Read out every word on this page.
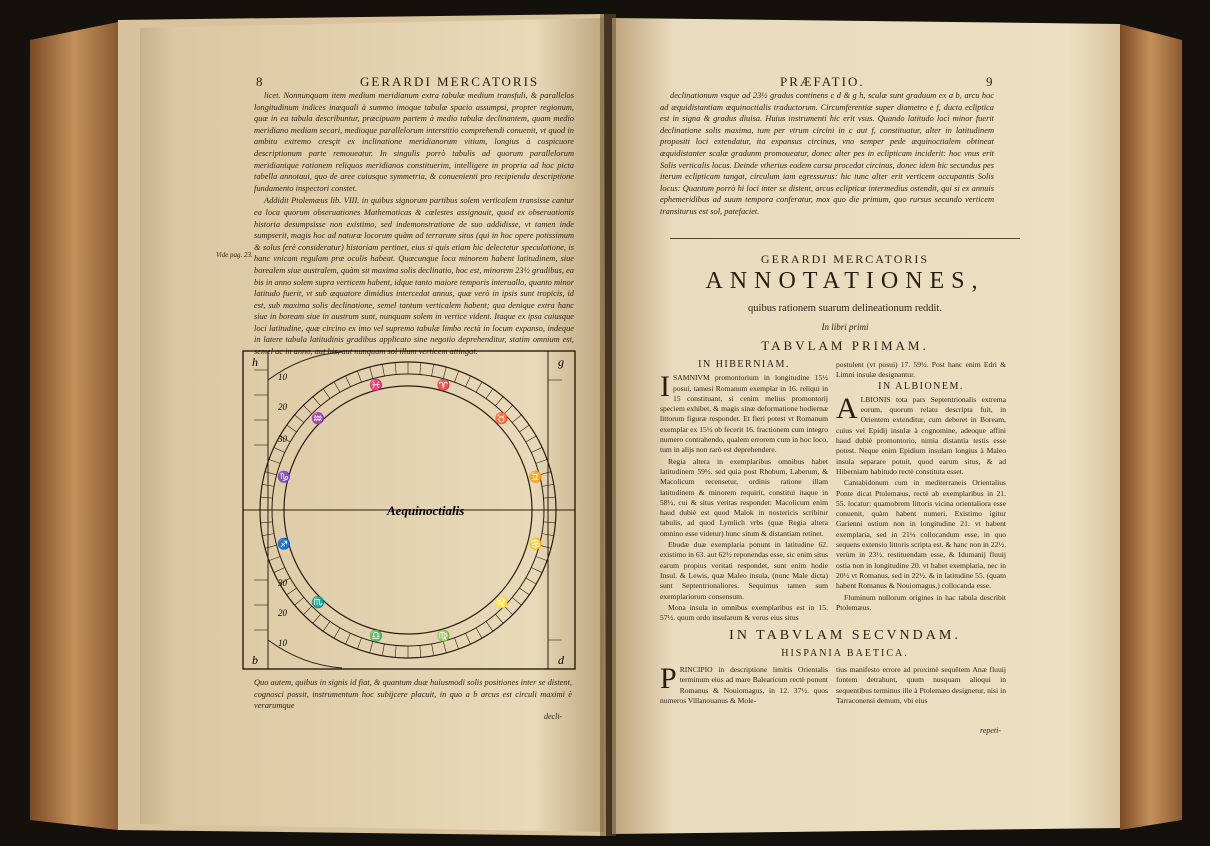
8	GERARDI MERCATORIS

licet. Nonnunquam item medium meridianum extra tabulæ medium transfuli, & parallelos longitudinum indices inæquali à summo imoque tabulæ spacio assumpsi, propter regionum, quæ in ea tabula describuntur, præcipuam partem à medio tabulæ declinantem, quam medio meridiano mediam secari, medioque parallelorum interstitio comprehendi conuenit, vt quod in ambitu extremo cresçit ex inclinatione meridianorum vitium, longius à cospicuore descriptionum parte remoueatur. In singulis porrò tabulis ad quorum parallelorum meridianique rationem reliquos meridianos constituerim, intelligere in propria ad hoc picta tabella annotaui, quo de aree cuiusque symmetria, & conuenienti pro recipienda descriptione fundamento inspectori constet.

Addidit Ptolemæus lib. VIII. in quibus signorum partibus solem verticalem transisse cantur ea loca quorum obseruationes Mathematicas & cœlestes assignauit, quod ex obseruationis historia desumpsisse non existimo, sed indemonstratione de suo addidisse, vt tamen inde sumpserit, magis hoc ad naturæ locorum quàm ad terrarum situs (qui in hoc opere potissimum & solus ferè consideratur) historiam pertinet, eius si quis etiam hic delectetur speculatione, is hanc vnicam regulam præ oculis habeat. Quæcunque loca minorem habent latitudinem, siue borealem siue australem, quàm sit maxima solis declinatio, hoc est, minorem 23½ gradibus, ea bis in anno solem supra verticem habent, idque tanto maiore temporis interuallo, quanto minor latitudo fuerit, vt sub æquatore dimidius intercedat annus, quæ verò in ipsis sunt tropicis, id est, sub maxima solis declinatione, semel tantum verticalem habent; qua denique extra hanc siue in boream siue in austrum sunt, nunquam solem in vertice vident. Itaque ex ipsa cuiusque loci latitudine, quæ circino ex imo vel supremo tabulæ limbo rectà in locum expanso, indeque in latere tabula latitudinis gradibus applicato sine negotio deprehenditur, statim omnium est, semel ac in anno, aut bis, aut nunquam sol illum verticem attingat.

Vide pag. 23.
♈
♉
♊
♋
♌
♍
♎
♏
♐
♑
♒
♓
10
20
30
30
20
10
h	g
b	d
Aequinoctialis
Quo autem, quibus in signis id fiat, & quantum duæ huiusmodi solis positiones inter se distent, cognosci possit, instrumentum hoc subijcere placuit, in quo a b arcus est circuli maximi è verarumque
decli-
PRÆFATIO.	9

declinationum vsque ad 23½ gradus continens c d & g h, sculæ sunt graduum ex a b, arcu hoc ad æquidistantiam æquinoctialis traductorum. Circumferentiæ super diametro e f, ducta ecliptica est in signa & gradus diuisa. Huius instrumenti hic erit vsus. Quando latitudo loci minor fuerit declinatione solis maxima, tum per vtrum circini in c aut f, constituatur, alter in latitudinem propositi loci extendatur, ita expansus circinus, vno semper pede æquinoctialem obtineat æquidistanter scalæ gradunm promoueatur, donec alter pes in eclipticam inciderit: hoc vnus erit Solis verticalis locus. Deinde vtherius eodem cursu procedat circinus, donec idem hic secundus pes iterum eclipticam tangat, circulum iam egressurus: hic tunc alter erit verticem occupantis Solis locus: Quantum porrò hi loci inter se distent, arcus eclipticæ intermedius ostendit, qui si ex annuis ephemeridibus ad suum tempora conferatur, mox quo die primum, quo rursus secundo verticem transiturus est sol, patefaciet.

GERARDI MERCATORIS
ANNOTATIONES,
quibus rationem suarum delineationum reddit.
In libri primi
TABVLAM PRIMAM.
IN HIBERNIAM.
I SAMNIVM promontorium in longitudine 15½ posui, tamesi Romanum exemplar in 16. reliqui in 15 constituant, si cenim melius promontorij speciem exhibet, & magis sinæ deformatione hodiernæ littorum figuræ respondet. Et fieri potest vt Romanum exemplar ex 15½ ob fecerit 16. fractionem cum integro numero contrahendo, qualem errorem cum in hoc loco, tum in alijs non rarò est deprehendere.

Regia altera in exemplaribus omnibus habet latitudinem 59½. sed quia post Rhobum, Laberum, & Macolicum recensetur, ordinis ratione illam latitudinem & minorem requirit, constitui itaque in 58½, cui & situs veritas respondet: Macolicum enim haud dubiè est quod Malok in nostericis scribitur tabulis, ad quod Lymlich vrbs (quæ Regia altera omnino esse videtur) hunc situm & distantiam retinet.

Ebudæ duæ exemplaria ponunt in latitudine 62. existimo in 63. aut 62½ reponendas esse, sic enim situs earum propius veritati respondet, sunt enim hodie Insul. & Lewis, quæ Maleo insula, (nunc Male dicta) sunt Septentrionaliores. Sequimus tamen sum exemplariorum consensum.

Mona insula in omnibus exemplaribus est in 15. 57½. quum ordo insularum & verus eius situs

postulent (vt posui) 17. 59½. Post hanc enim Edri & Limni insulæ designantur.

IN ALBIONEM.
A LBIONIS tota pars Septentrionalis extrema eorum, quorum relatu descripta fuit, in Orientem extenditur, cum deberet in Boream, cuius vel Epidij insulæ à cognomine, adeoque affini haud dubiè promontorio, nimia distantia testis esse potest. Neque enim Epidium insulam longius à Maleo insula separare potuit, quod earum situs, & ad Hiberniam habitudo rectè constituta esset.

Cantabidonum cum in mediterraneis Orientalius Ponte dicat Ptolemæus, rectè ab exemplaribus in 21. 55. locatur: quamobrem littoris vicina orientaliora esse conuenit, quàm habent numeri. Existimo igitur Garienni ostium non in longitudine 21. vt habent exemplaria, sed in 21½ collocandum esse, in quo sequens extensio littoris scripta est. & hanc non in 22½. verùm in 23½. restituendam esse, & Idumanij fluuij ostia non in longitudine 20. vt habet exemplaria, nec in 20½ vt Romanus, sed in 22½. & in latitudine 55. (quam habent Romanus & Nouiomagus,) collocanda esse.

Fluminum nullorum origines in hac tabula describit Ptolemæus.

IN TABVLAM SECVNDAM.
HISPANIA BAETICA.
P RINCIPIO in descriptione limitis Orientalis terminum eius ad mare Balearicum rectè ponunt Romanus & Nouiomagus, in 12. 37½. quos numeros Villanouanus & Mole-

tius manifesto errore ad proximè sequêtem Anæ fluuij fontem detrahunt, quum nusquam alioqui in sequentibus terminus ille à Ptolemæo designetur, nisi in Tarraconensi demum, vbi eius

repeti-
